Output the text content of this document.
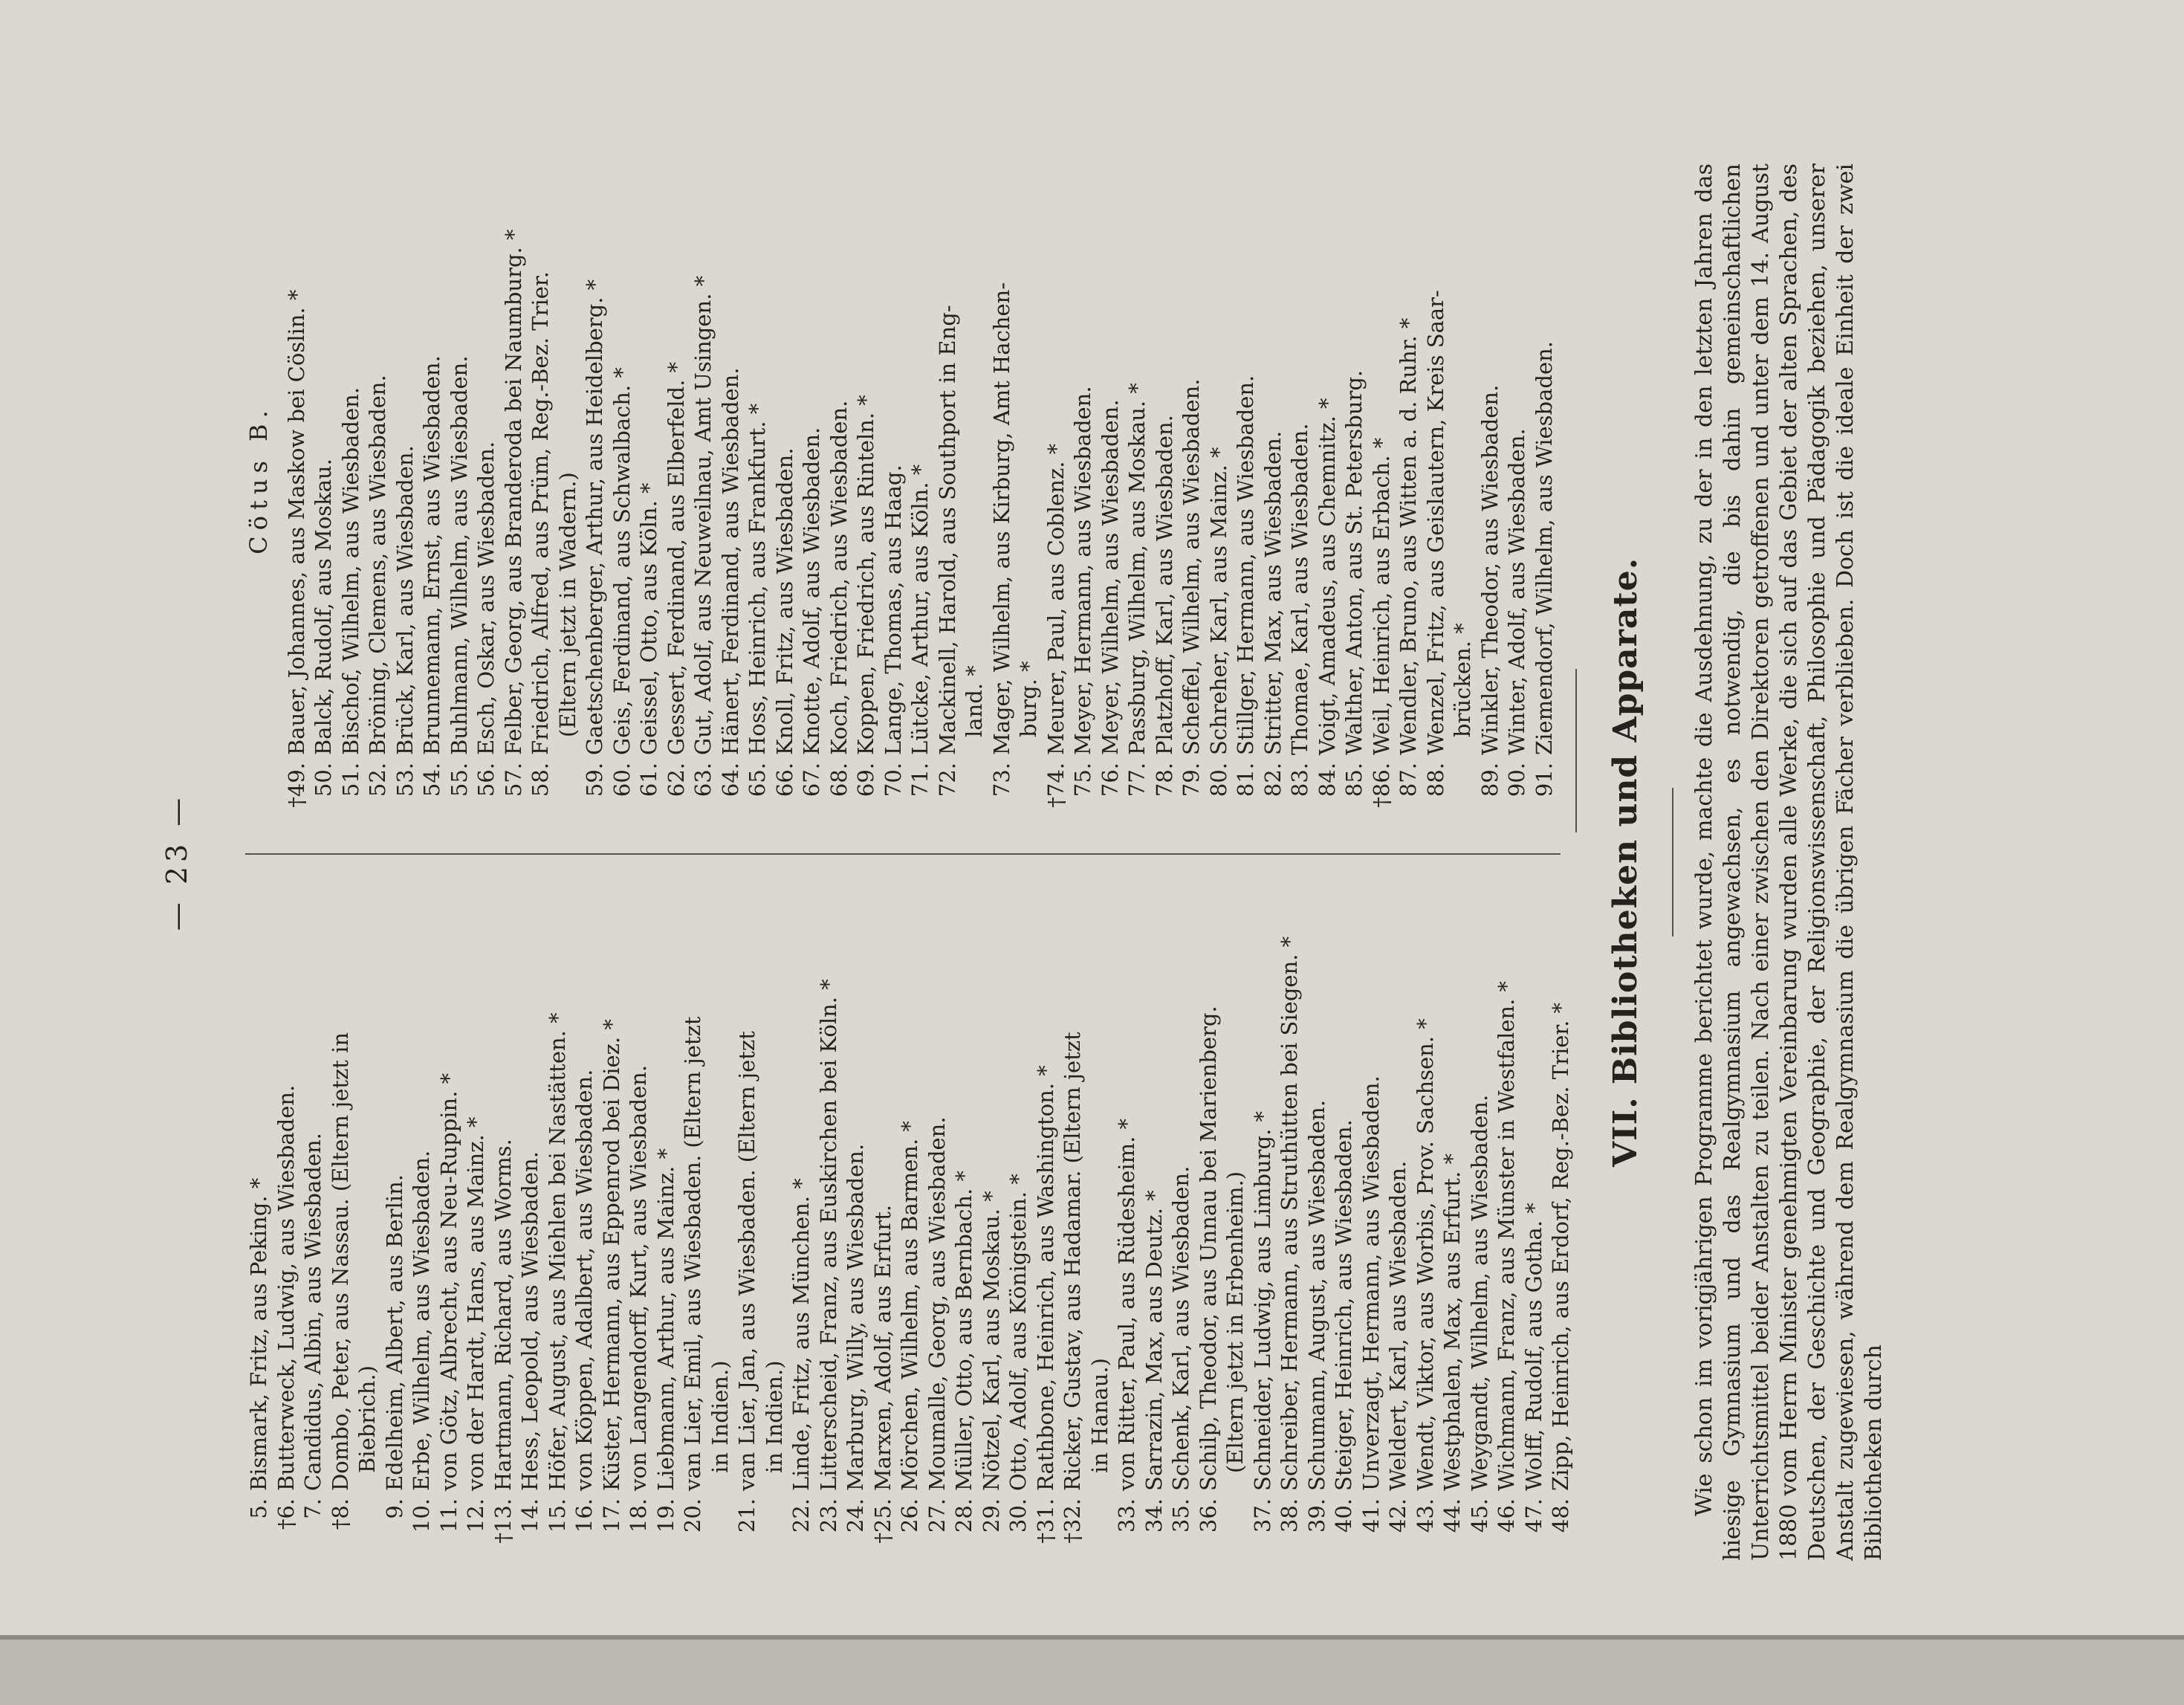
— 23 —
5.
Bismark, Fritz, aus Peking. *
†6.
Butterweck, Ludwig, aus Wiesbaden.
7.
Candidus, Albin, aus Wiesbaden.
†8.
Dombo, Peter, aus Nassau. (Eltern jetzt in Biebrich.)
9.
Edelheim, Albert, aus Berlin.
10.
Erbe, Wilhelm, aus Wiesbaden.
11.
von Götz, Albrecht, aus Neu-Ruppin. *
12.
von der Hardt, Hans, aus Mainz. *
†13.
Hartmann, Richard, aus Worms.
14.
Hess, Leopold, aus Wiesbaden.
15.
Höfer, August, aus Miehlen bei Nastätten. *
16.
von Köppen, Adalbert, aus Wiesbaden.
17.
Küster, Hermann, aus Eppenrod bei Diez. *
18.
von Langendorff, Kurt, aus Wiesbaden.
19.
Liebmann, Arthur, aus Mainz. *
20.
van Lier, Emil, aus Wiesbaden. (Eltern jetzt in Indien.)
21.
van Lier, Jan, aus Wiesbaden. (Eltern jetzt in Indien.)
22.
Linde, Fritz, aus München. *
23.
Litterscheid, Franz, aus Euskirchen bei Köln. *
24.
Marburg, Willy, aus Wiesbaden.
†25.
Marxen, Adolf, aus Erfurt.
26.
Mörchen, Wilhelm, aus Barmen. *
27.
Moumalle, Georg, aus Wiesbaden.
28.
Müller, Otto, aus Bernbach. *
29.
Nötzel, Karl, aus Moskau. *
30.
Otto, Adolf, aus Königstein. *
†31.
Rathbone, Heinrich, aus Washington. *
†32.
Ricker, Gustav, aus Hadamar. (Eltern jetzt in Hanau.)
33.
von Ritter, Paul, aus Rüdesheim. *
34.
Sarrazin, Max, aus Deutz. *
35.
Schenk, Karl, aus Wiesbaden.
36.
Schilp, Theodor, aus Unnau bei Marienberg. (Eltern jetzt in Erbenheim.)
37.
Schneider, Ludwig, aus Limburg. *
38.
Schreiber, Hermann, aus Struthütten bei Siegen. *
39.
Schumann, August, aus Wiesbaden.
40.
Steiger, Heinrich, aus Wiesbaden.
41.
Unverzagt, Hermann, aus Wiesbaden.
42.
Weldert, Karl, aus Wiesbaden.
43.
Wendt, Viktor, aus Worbis, Prov. Sachsen. *
44.
Westphalen, Max, aus Erfurt. *
45.
Weygandt, Wilhelm, aus Wiesbaden.
46.
Wichmann, Franz, aus Münster in Westfalen. *
47.
Wolff, Rudolf, aus Gotha. *
48.
Zipp, Heinrich, aus Erdorf, Reg.-Bez. Trier. *
Cötus B.
†49.
Bauer, Johannes, aus Maskow bei Cöslin. *
50.
Balck, Rudolf, aus Moskau.
51.
Bischof, Wilhelm, aus Wiesbaden.
52.
Bröning, Clemens, aus Wiesbaden.
53.
Brück, Karl, aus Wiesbaden.
54.
Brunnemann, Ernst, aus Wiesbaden.
55.
Buhlmann, Wilhelm, aus Wiesbaden.
56.
Esch, Oskar, aus Wiesbaden.
57.
Felber, Georg, aus Branderoda bei Naumburg. *
58.
Friedrich, Alfred, aus Prüm, Reg.-Bez. Trier. (Eltern jetzt in Wadern.)
59.
Gaetschenberger, Arthur, aus Heidelberg. *
60.
Geis, Ferdinand, aus Schwalbach. *
61.
Geissel, Otto, aus Köln. *
62.
Gessert, Ferdinand, aus Elberfeld. *
63.
Gut, Adolf, aus Neuweilnau, Amt Usingen. *
64.
Hänert, Ferdinand, aus Wiesbaden.
65.
Hoss, Heinrich, aus Frankfurt. *
66.
Knoll, Fritz, aus Wiesbaden.
67.
Knotte, Adolf, aus Wiesbaden.
68.
Koch, Friedrich, aus Wiesbaden.
69.
Koppen, Friedrich, aus Rinteln. *
70.
Lange, Thomas, aus Haag.
71.
Lütcke, Arthur, aus Köln. *
72.
Mackinell, Harold, aus Southport in Eng- land. *
73.
Mager, Wilhelm, aus Kirburg, Amt Hachen- burg. *
†74.
Meurer, Paul, aus Coblenz. *
75.
Meyer, Hermann, aus Wiesbaden.
76.
Meyer, Wilhelm, aus Wiesbaden.
77.
Passburg, Wilhelm, aus Moskau. *
78.
Platzhoff, Karl, aus Wiesbaden.
79.
Scheffel, Wilhelm, aus Wiesbaden.
80.
Schreher, Karl, aus Mainz. *
81.
Stillger, Hermann, aus Wiesbaden.
82.
Stritter, Max, aus Wiesbaden.
83.
Thomae, Karl, aus Wiesbaden.
84.
Voigt, Amadeus, aus Chemnitz. *
85.
Walther, Anton, aus St. Petersburg.
†86.
Weil, Heinrich, aus Erbach. *
87.
Wendler, Bruno, aus Witten a. d. Ruhr. *
88.
Wenzel, Fritz, aus Geislautern, Kreis Saar- brücken. *
89.
Winkler, Theodor, aus Wiesbaden.
90.
Winter, Adolf, aus Wiesbaden.
91.
Ziemendorf, Wilhelm, aus Wiesbaden.
VII. Bibliotheken und Apparate. Wie schon im vorigjährigen Programme berichtet wurde, machte die Ausdehnung, zu der in den letzten Jahren das hiesige Gymnasium und das Realgymnasium angewachsen, es notwendig, die bis dahin gemeinschaftlichen Unterrichtsmittel beider Anstalten zu teilen. Nach einer zwischen den Direktoren getroffenen und unter dem 14. August 1880 vom Herrn Minister genehmigten Vereinbarung wurden alle Werke, die sich auf das Gebiet der alten Sprachen, des Deutschen, der Geschichte und Geographie, der Religionswissenschaft, Philosophie und Pädagogik beziehen, unserer Anstalt zugewiesen, während dem Realgymnasium die übrigen Fächer verblieben. Doch ist die ideale Einheit der zwei Bibliotheken durch
